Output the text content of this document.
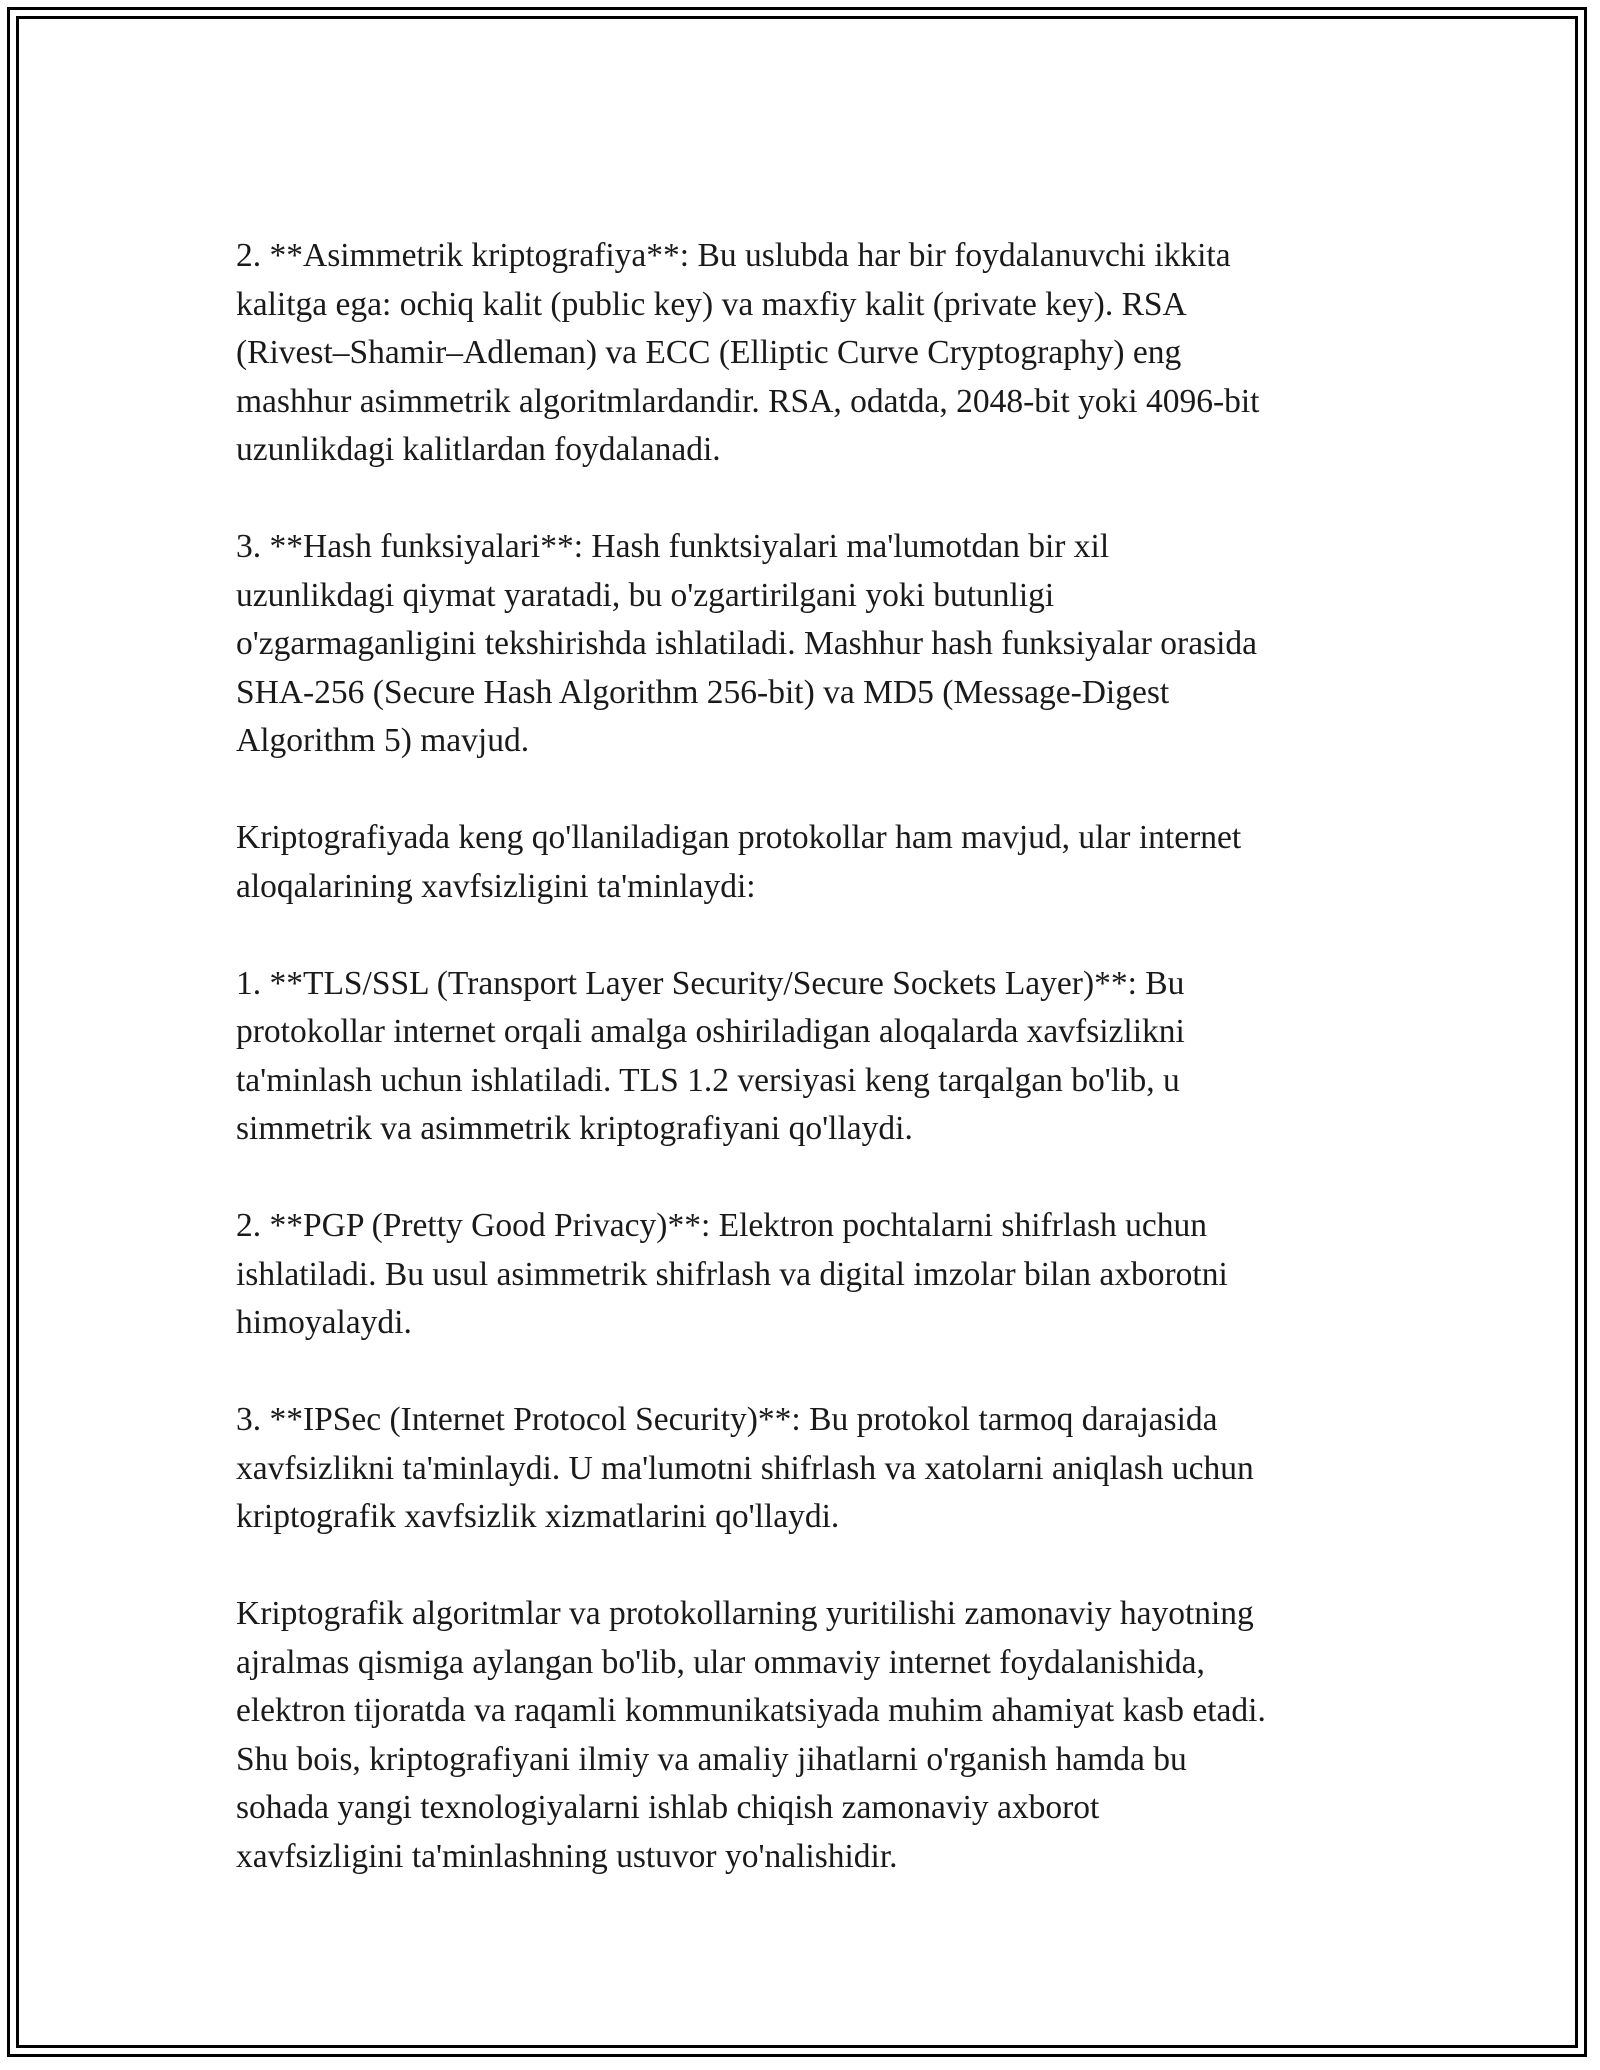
2. **Asimmetrik kriptografiya**: Bu uslubda har bir foydalanuvchi ikkita
kalitga ega: ochiq kalit (public key) va maxfiy kalit (private key). RSA
(Rivest–Shamir–Adleman) va ECC (Elliptic Curve Cryptography) eng
mashhur asimmetrik algoritmlardandir. RSA, odatda, 2048-bit yoki 4096-bit
uzunlikdagi kalitlardan foydalanadi.

3. **Hash funksiyalari**: Hash funktsiyalari ma'lumotdan bir xil
uzunlikdagi qiymat yaratadi, bu o'zgartirilgani yoki butunligi
o'zgarmaganligini tekshirishda ishlatiladi. Mashhur hash funksiyalar orasida
SHA-256 (Secure Hash Algorithm 256-bit) va MD5 (Message-Digest
Algorithm 5) mavjud.

Kriptografiyada keng qo'llaniladigan protokollar ham mavjud, ular internet
aloqalarining xavfsizligini ta'minlaydi:

1. **TLS/SSL (Transport Layer Security/Secure Sockets Layer)**: Bu
protokollar internet orqali amalga oshiriladigan aloqalarda xavfsizlikni
ta'minlash uchun ishlatiladi. TLS 1.2 versiyasi keng tarqalgan bo'lib, u
simmetrik va asimmetrik kriptografiyani qo'llaydi.

2. **PGP (Pretty Good Privacy)**: Elektron pochtalarni shifrlash uchun
ishlatiladi. Bu usul asimmetrik shifrlash va digital imzolar bilan axborotni
himoyalaydi.

3. **IPSec (Internet Protocol Security)**: Bu protokol tarmoq darajasida
xavfsizlikni ta'minlaydi. U ma'lumotni shifrlash va xatolarni aniqlash uchun
kriptografik xavfsizlik xizmatlarini qo'llaydi.

Kriptografik algoritmlar va protokollarning yuritilishi zamonaviy hayotning
ajralmas qismiga aylangan bo'lib, ular ommaviy internet foydalanishida,
elektron tijoratda va raqamli kommunikatsiyada muhim ahamiyat kasb etadi.
Shu bois, kriptografiyani ilmiy va amaliy jihatlarni o'rganish hamda bu
sohada yangi texnologiyalarni ishlab chiqish zamonaviy axborot
xavfsizligini ta'minlashning ustuvor yo'nalishidir.
